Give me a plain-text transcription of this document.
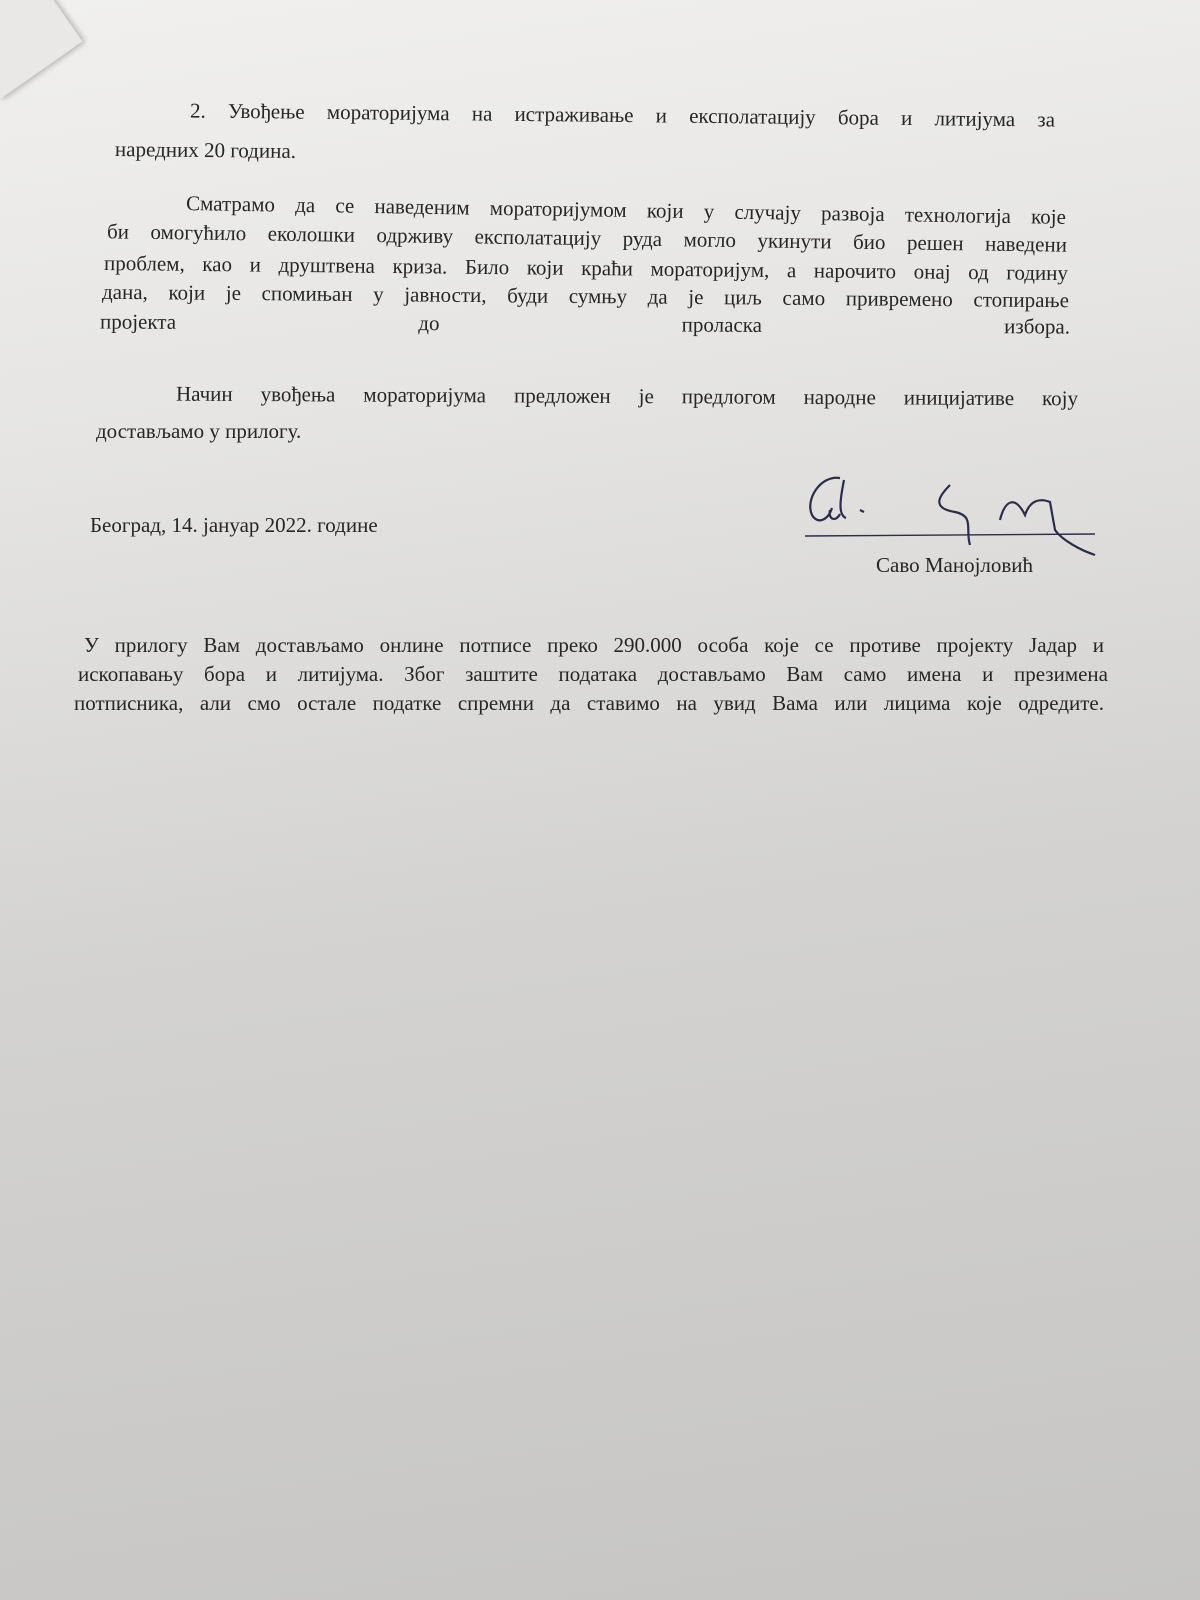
2. Увођење мораторијума на истраживање и експолатацију бора и литијума за
наредних 20 година.
Сматрамо да се наведеним мораторијумом који у случају развоја технологија које
би омогућило еколошки одрживу експолатацију руда могло укинути био решен наведени
проблем, као и друштвена криза. Било који краћи мораторијум, а нарочито онај од годину
дана, који је спомињан у јавности, буди сумњу да је циљ само привремено стопирање
пројекта до проласка избора.
Начин увођења мораторијума предложен је предлогом народне иницијативе коју
достављамо у прилогу.
Београд, 14. јануар 2022. године
Саво Манојловић
У прилогу Вам достављамо онлине потписе преко 290.000 особа које се противе пројекту Јадар и
ископавању бора и литијума. Због заштите података достављамо Вам само имена и презимена
потписника, али смо остале податке спремни да ставимо на увид Вама или лицима које одредите.
